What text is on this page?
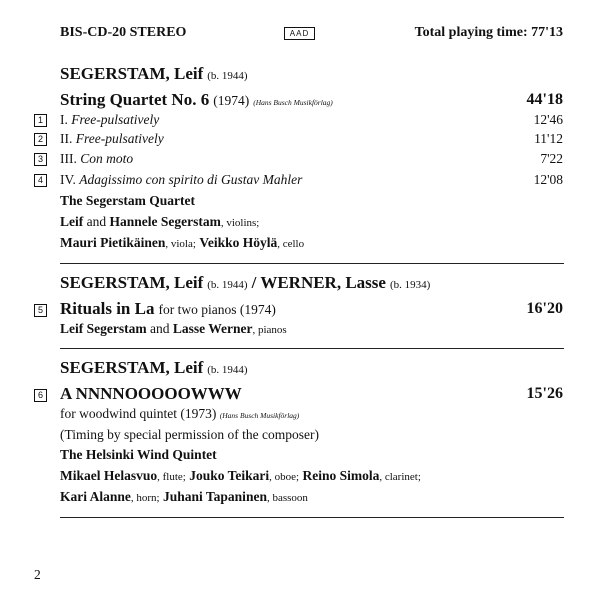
BIS-CD-20 STEREO	AAD	Total playing time: 77'13
SEGERSTAM, Leif (b. 1944)
String Quartet No. 6 (1974) (Hans Busch Musikförlag)	44'18
1 I. Free-pulsatively	12'46
2 II. Free-pulsatively	11'12
3 III. Con moto	7'22
4 IV. Adagissimo con spirito di Gustav Mahler	12'08
The Segerstam Quartet
Leif and Hannele Segerstam, violins;
Mauri Pietikäinen, viola; Veikko Höylä, cello
SEGERSTAM, Leif (b. 1944) / WERNER, Lasse (b. 1934)
5 Rituals in La for two pianos (1974)	16'20
Leif Segerstam and Lasse Werner, pianos
SEGERSTAM, Leif (b. 1944)
6 A NNNNOOOOOWWW	15'26
for woodwind quintet (1973) (Hans Busch Musikförlag)
(Timing by special permission of the composer)
The Helsinki Wind Quintet
Mikael Helasvuo, flute; Jouko Teikari, oboe; Reino Simola, clarinet;
Kari Alanne, horn; Juhani Tapaninen, bassoon
2
